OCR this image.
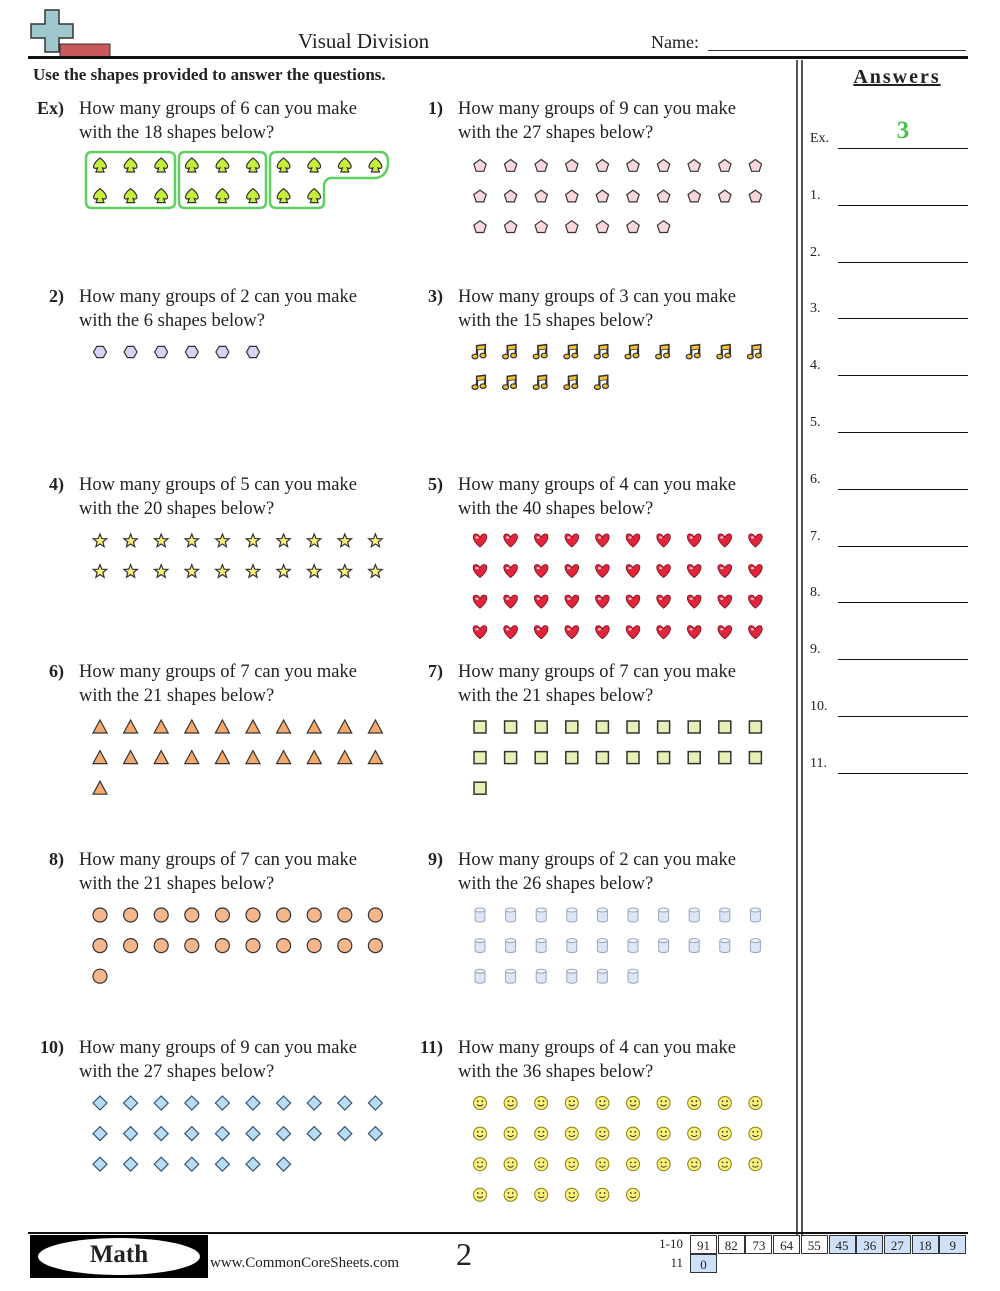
Visual Division	Name:
Use the shapes provided to answer the questions.
Ex) How many groups of 6 can you make
with the 18 shapes below?
1) How many groups of 9 can you make
with the 27 shapes below?
2) How many groups of 2 can you make
with the 6 shapes below?
3) How many groups of 3 can you make
with the 15 shapes below?
4) How many groups of 5 can you make
with the 20 shapes below?
5) How many groups of 4 can you make
with the 40 shapes below?
6) How many groups of 7 can you make
with the 21 shapes below?
7) How many groups of 7 can you make
with the 21 shapes below?
8) How many groups of 7 can you make
with the 21 shapes below?
9) How many groups of 2 can you make
with the 26 shapes below?
10) How many groups of 9 can you make
with the 27 shapes below?
11) How many groups of 4 can you make
with the 36 shapes below?
Answers
Ex.	3
1.
2.
3.
4.
5.
6.
7.
8.
9.
10.
11.
Math	www.CommonCoreSheets.com 2	1-10	91	82	73	64	55	45	36	27	18	9
11	0
